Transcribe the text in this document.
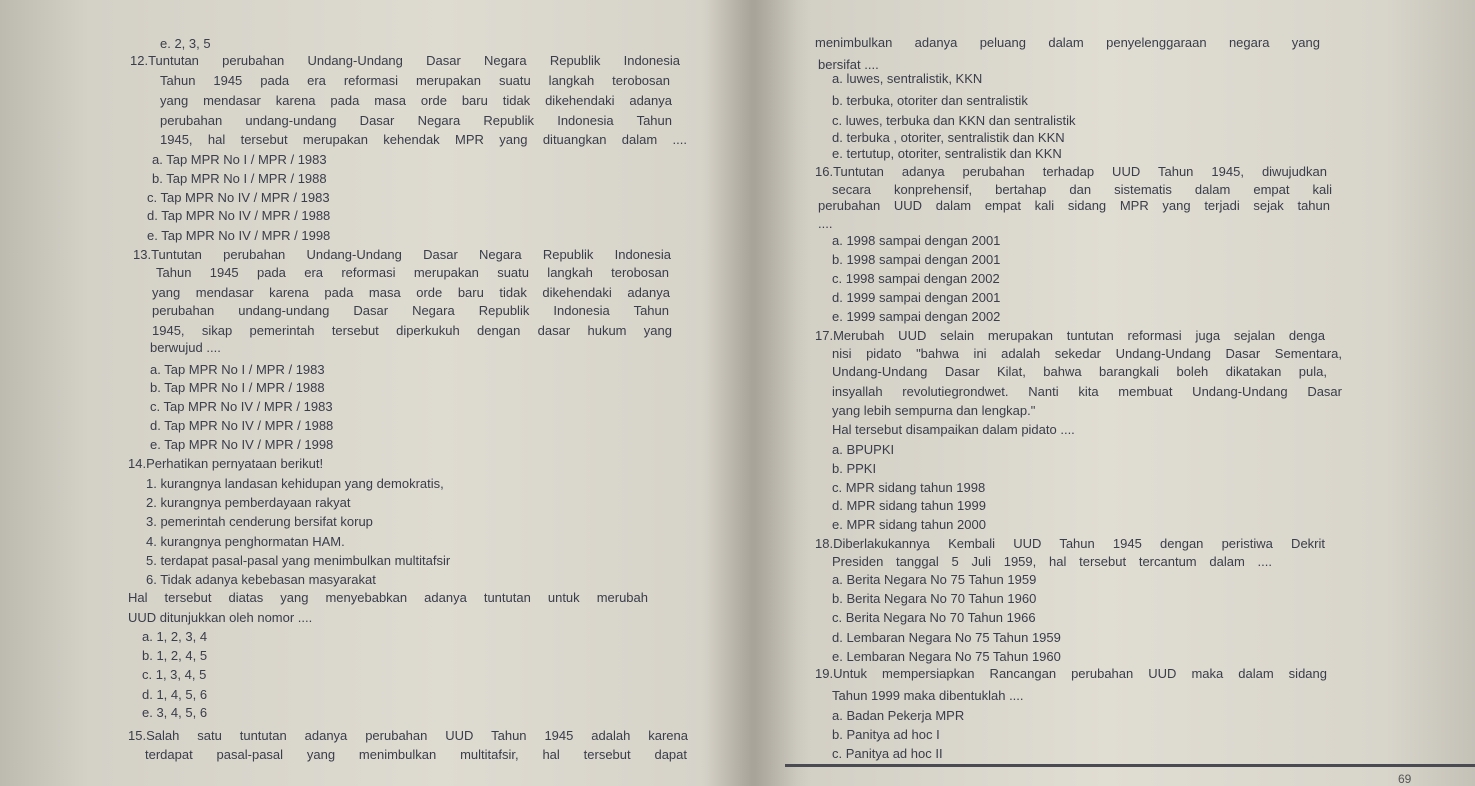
e. 2, 3, 5
12.Tuntutan perubahan Undang-Undang Dasar Negara Republik Indonesia
Tahun 1945 pada era reformasi merupakan suatu langkah terobosan
yang mendasar karena pada masa orde baru tidak dikehendaki adanya
perubahan undang-undang Dasar Negara Republik Indonesia Tahun
1945, hal tersebut merupakan kehendak MPR yang dituangkan dalam ....
a. Tap MPR No I / MPR / 1983
b. Tap MPR No I / MPR / 1988
c. Tap MPR No IV / MPR / 1983
d. Tap MPR No IV / MPR / 1988
e. Tap MPR No IV / MPR / 1998
13.Tuntutan perubahan Undang-Undang Dasar Negara Republik Indonesia
Tahun 1945 pada era reformasi merupakan suatu langkah terobosan
yang mendasar karena pada masa orde baru tidak dikehendaki adanya
perubahan undang-undang Dasar Negara Republik Indonesia Tahun
1945, sikap pemerintah tersebut diperkukuh dengan dasar hukum yang
berwujud ....
a. Tap MPR No I / MPR / 1983
b. Tap MPR No I / MPR / 1988
c. Tap MPR No IV / MPR / 1983
d. Tap MPR No IV / MPR / 1988
e. Tap MPR No IV / MPR / 1998
14.Perhatikan pernyataan berikut!
1. kurangnya landasan kehidupan yang demokratis,
2. kurangnya pemberdayaan rakyat
3. pemerintah cenderung bersifat korup
4. kurangnya penghormatan HAM.
5. terdapat pasal-pasal yang menimbulkan multitafsir
6. Tidak adanya kebebasan masyarakat
Hal tersebut diatas yang menyebabkan adanya tuntutan untuk merubah
UUD ditunjukkan oleh nomor ....
a. 1, 2, 3, 4
b. 1, 2, 4, 5
c. 1, 3, 4, 5
d. 1, 4, 5, 6
e. 3, 4, 5, 6
15.Salah satu tuntutan adanya perubahan UUD Tahun 1945 adalah karena
terdapat pasal-pasal yang menimbulkan multitafsir, hal tersebut dapat
menimbulkan adanya peluang dalam penyelenggaraan negara yang
bersifat ....
a. luwes, sentralistik, KKN
b. terbuka, otoriter dan sentralistik
c. luwes, terbuka dan KKN dan sentralistik
d. terbuka , otoriter, sentralistik dan KKN
e. tertutup, otoriter, sentralistik dan KKN
16.Tuntutan adanya perubahan terhadap UUD Tahun 1945, diwujudkan
secara konprehensif, bertahap dan sistematis dalam empat kali
perubahan UUD dalam empat kali sidang MPR yang terjadi sejak tahun
....
a. 1998 sampai dengan 2001
b. 1998 sampai dengan 2001
c. 1998 sampai dengan 2002
d. 1999 sampai dengan 2001
e. 1999 sampai dengan 2002
17.Merubah UUD selain merupakan tuntutan reformasi juga sejalan denga
nisi pidato "bahwa ini adalah sekedar Undang-Undang Dasar Sementara,
Undang-Undang Dasar Kilat, bahwa barangkali boleh dikatakan pula,
insyallah revolutiegrondwet. Nanti kita membuat Undang-Undang Dasar
yang lebih sempurna dan lengkap."
Hal tersebut disampaikan dalam pidato ....
a. BPUPKI
b. PPKI
c. MPR sidang tahun 1998
d. MPR sidang tahun 1999
e. MPR sidang tahun 2000
18.Diberlakukannya Kembali UUD Tahun 1945 dengan peristiwa Dekrit
Presiden tanggal 5 Juli 1959, hal tersebut tercantum dalam ....
a. Berita Negara No 75 Tahun 1959
b. Berita Negara No 70 Tahun 1960
c. Berita Negara No 70 Tahun 1966
d. Lembaran Negara No 75 Tahun 1959
e. Lembaran Negara No 75 Tahun 1960
19.Untuk mempersiapkan Rancangan perubahan UUD maka dalam sidang
Tahun 1999 maka dibentuklah ....
a. Badan Pekerja MPR
b. Panitya ad hoc I
c. Panitya ad hoc II
69
